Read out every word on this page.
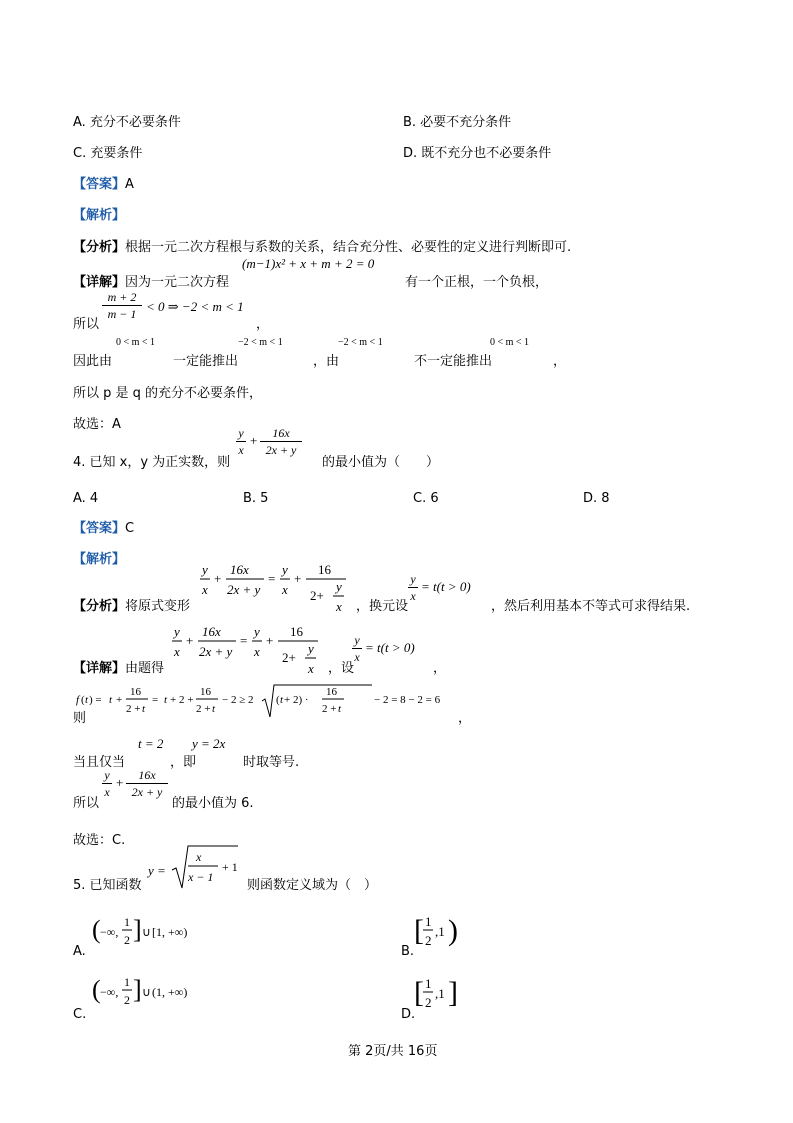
A. 充分不必要条件	B. 必要不充分条件
C. 充要条件	D. 既不充分也不必要条件
【答案】A
【解析】
【分析】根据一元二次方程根与系数的关系，结合充分性、必要性的定义进行判断即可.
【详解】因为一元二次方程
(m−1)x² + x + m + 2 = 0
有一个正根，一个负根，
所以
m + 2
m − 1 < 0 ⇒ −2 < m < 1
，
0 < m < 1	−2 < m < 1	−2 < m < 1	0 < m < 1
因此由	一定能推出	，由	不一定能推出	，
所以 p 是 q 的充分不必要条件，
故选：A
4. 已知 x，y 为正实数，则
y
x
+	16x
2x + y
的最小值为（　　）
A. 4	B. 5	C. 6	D. 8
【答案】C
【解析】
【分析】将原式变形
y
x
+
16x
2x + y
=
y
x
+
16
2+
y
x ，换元设
y
x
= t(t > 0)
，然后利用基本不等式可求得结果.
【详解】由题得
y
x
+
16x
2x + y
=
y
x
+
16
2+
y
x ，设
y
x
= t(t > 0)
，
则
f ( t ) = t +
16
2 + t
= t + 2 +
16
2 + t
− 2 ≥ 2 ( t + 2) ·
16
2 + t
− 2 = 8 − 2 = 6
，
t = 2 y = 2x
当且仅当	，即	时取等号.
所以
y
x
+	16x
2x + y
的最小值为 6.
故选：C.
5. 已知函数
y =
x
x − 1
+ 1
则函数定义域为（　）
A.
( −∞,
1
2 ] ∪ [1, +∞)
B.
[ 1
2
,1 )
C.
( −∞,
1
2 ] ∪ (1, +∞)
D.
[ 1
2
,1 ]
第 2页/共 16页
